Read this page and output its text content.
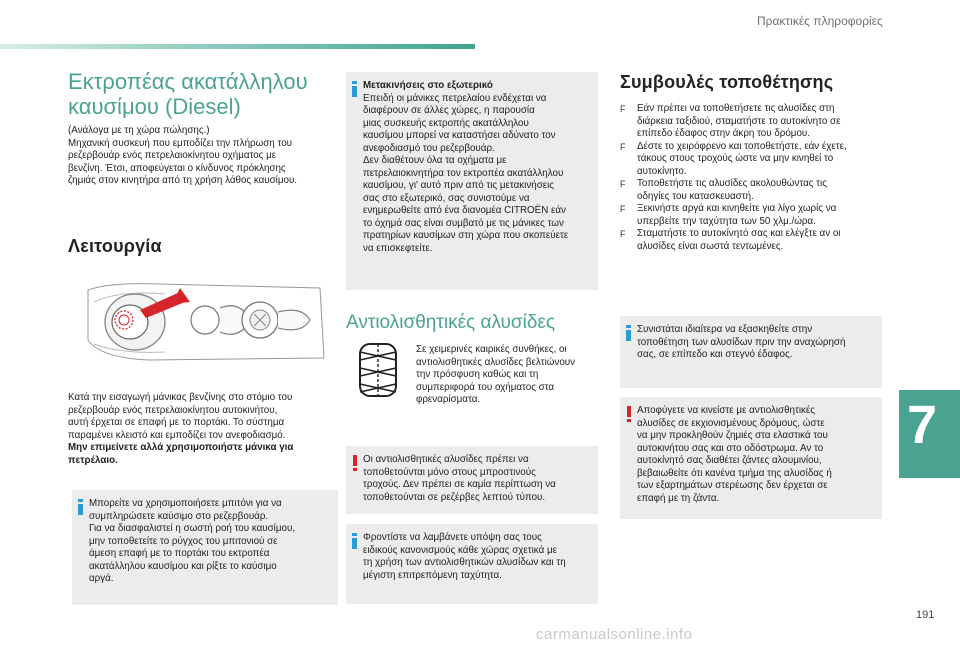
Πρακτικές πληροφορίες
Εκτροπέας ακατάλληλου
καυσίμου (Diesel)
(Ανάλογα με τη χώρα πώλησης.)
Μηχανική συσκευή που εμποδίζει την πλήρωση του
ρεζερβουάρ ενός πετρελαιοκίνητου οχήματος με
βενζίνη. Έτσι, αποφεύγεται ο κίνδυνος πρόκλησης
ζημιάς στον κινητήρα από τη χρήση λάθος καυσίμου.
Λειτουργία
Κατά την εισαγωγή μάνικας βενζίνης στο στόμιο του
ρεζερβουάρ ενός πετρελαιοκίνητου αυτοκινήτου,
αυτή έρχεται σε επαφή με το πορτάκι. Το σύστημα
παραμένει κλειστό και εμποδίζει τον ανεφοδιασμό.
Μην επιμείνετε αλλά χρησιμοποιήστε μάνικα για
πετρέλαιο.
Μπορείτε να χρησιμοποιήσετε μπιτόνι για να
συμπληρώσετε καύσιμο στο ρεζερβουάρ.
Για να διασφαλιστεί η σωστή ροή του καυσίμου,
μην τοποθετείτε το ρύγχος του μπιτονιού σε
άμεση επαφή με το πορτάκι του εκτροπέα
ακατάλληλου καυσίμου και ρίξτε το καύσιμο
αργά.
Μετακινήσεις στο εξωτερικό
Επειδή οι μάνικες πετρελαίου ενδέχεται να
διαφέρουν σε άλλες χώρες, η παρουσία
μιας συσκευής εκτροπής ακατάλληλου
καυσίμου μπορεί να καταστήσει αδύνατο τον
ανεφοδιασμό του ρεζερβουάρ.
Δεν διαθέτουν όλα τα οχήματα με
πετρελαιοκινητήρα τον εκτροπέα ακατάλληλου
καυσίμου, γι' αυτό πριν από τις μετακινήσεις
σας στο εξωτερικό, σας συνιστούμε να
ενημερωθείτε από ένα διανομέα CITROËN εάν
το όχημά σας είναι συμβατό με τις μάνικες των
πρατηρίων καυσίμων στη χώρα που σκοπεύετε
να επισκεφτείτε.
Αντιολισθητικές αλυσίδες
Σε χειμερινές καιρικές συνθήκες, οι
αντιολισθητικές αλυσίδες βελτιώνουν
την πρόσφυση καθώς και τη
συμπεριφορά του οχήματος στα
φρεναρίσματα.
Οι αντιολισθητικές αλυσίδες πρέπει να
τοποθετούνται μόνο στους μπροστινούς
τροχούς. Δεν πρέπει σε καμία περίπτωση να
τοποθετούνται σε ρεζέρβες λεπτού τύπου.
Φροντίστε να λαμβάνετε υπόψη σας τους
ειδικούς κανονισμούς κάθε χώρας σχετικά με
τη χρήση των αντιολισθητικών αλυσίδων και τη
μέγιστη επιτρεπόμενη ταχύτητα.
Συμβουλές τοποθέτησης
F Εάν πρέπει να τοποθετήσετε τις αλυσίδες στη
διάρκεια ταξιδιού, σταματήστε το αυτοκίνητο σε
επίπεδο έδαφος στην άκρη του δρόμου.
F Δέστε το χειρόφρενο και τοποθετήστε, εάν έχετε,
τάκους στους τροχούς ώστε να μην κινηθεί το
αυτοκίνητο.
F Τοποθετήστε τις αλυσίδες ακολουθώντας τις
οδηγίες του κατασκευαστή.
F Ξεκινήστε αργά και κινηθείτε για λίγο χωρίς να
υπερβείτε την ταχύτητα των 50 χλμ./ώρα.
F Σταματήστε το αυτοκίνητό σας και ελέγξτε αν οι
αλυσίδες είναι σωστά τεντωμένες.
Συνιστάται ιδιαίτερα να εξασκηθείτε στην
τοποθέτηση των αλυσίδων πριν την αναχώρησή
σας, σε επίπεδο και στεγνό έδαφος.
Αποφύγετε να κινείστε με αντιολισθητικές
αλυσίδες σε εκχιονισμένους δρόμους, ώστε
να μην προκληθούν ζημιές στα ελαστικά του
αυτοκινήτου σας και στο οδόστρωμα. Αν το
αυτοκίνητό σας διαθέτει ζάντες αλουμινίου,
βεβαιωθείτε ότι κανένα τμήμα της αλυσίδας ή
των εξαρτημάτων στερέωσης δεν έρχεται σε
επαφή με τη ζάντα.
7
191
carmanualsonline.info
